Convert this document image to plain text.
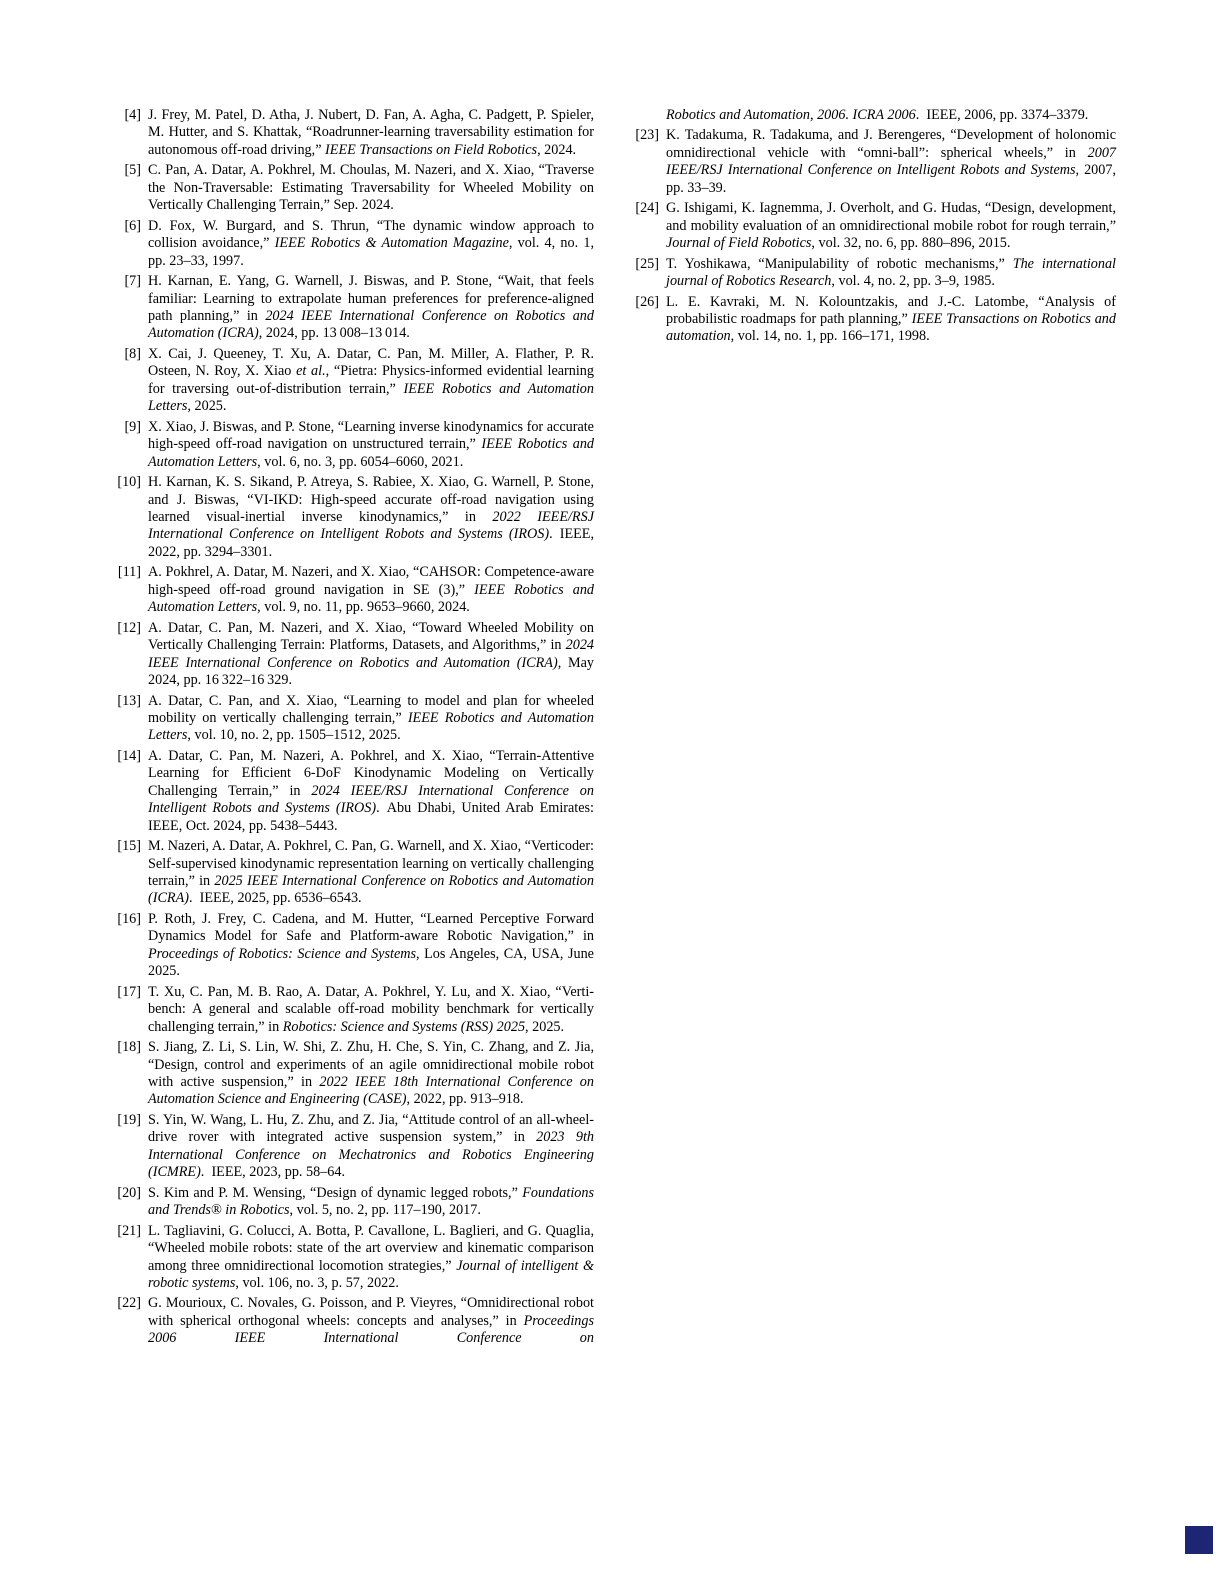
[4] J. Frey, M. Patel, D. Atha, J. Nubert, D. Fan, A. Agha, C. Padgett, P. Spieler, M. Hutter, and S. Khattak, “Roadrunner-learning traversability estimation for autonomous off-road driving,” IEEE Transactions on Field Robotics, 2024.
[5] C. Pan, A. Datar, A. Pokhrel, M. Choulas, M. Nazeri, and X. Xiao, “Traverse the Non-Traversable: Estimating Traversability for Wheeled Mobility on Vertically Challenging Terrain,” Sep. 2024.
[6] D. Fox, W. Burgard, and S. Thrun, “The dynamic window approach to collision avoidance,” IEEE Robotics & Automation Magazine, vol. 4, no. 1, pp. 23–33, 1997.
[7] H. Karnan, E. Yang, G. Warnell, J. Biswas, and P. Stone, “Wait, that feels familiar: Learning to extrapolate human preferences for preference-aligned path planning,” in 2024 IEEE International Conference on Robotics and Automation (ICRA), 2024, pp. 13 008–13 014.
[8] X. Cai, J. Queeney, T. Xu, A. Datar, C. Pan, M. Miller, A. Flather, P. R. Osteen, N. Roy, X. Xiao et al., “Pietra: Physics-informed evidential learning for traversing out-of-distribution terrain,” IEEE Robotics and Automation Letters, 2025.
[9] X. Xiao, J. Biswas, and P. Stone, “Learning inverse kinodynamics for accurate high-speed off-road navigation on unstructured terrain,” IEEE Robotics and Automation Letters, vol. 6, no. 3, pp. 6054–6060, 2021.
[10] H. Karnan, K. S. Sikand, P. Atreya, S. Rabiee, X. Xiao, G. Warnell, P. Stone, and J. Biswas, “VI-IKD: High-speed accurate off-road navigation using learned visual-inertial inverse kinodynamics,” in 2022 IEEE/RSJ International Conference on Intelligent Robots and Systems (IROS). IEEE, 2022, pp. 3294–3301.
[11] A. Pokhrel, A. Datar, M. Nazeri, and X. Xiao, “CAHSOR: Competence-aware high-speed off-road ground navigation in SE (3),” IEEE Robotics and Automation Letters, vol. 9, no. 11, pp. 9653–9660, 2024.
[12] A. Datar, C. Pan, M. Nazeri, and X. Xiao, “Toward Wheeled Mobility on Vertically Challenging Terrain: Platforms, Datasets, and Algorithms,” in 2024 IEEE International Conference on Robotics and Automation (ICRA), May 2024, pp. 16 322–16 329.
[13] A. Datar, C. Pan, and X. Xiao, “Learning to model and plan for wheeled mobility on vertically challenging terrain,” IEEE Robotics and Automation Letters, vol. 10, no. 2, pp. 1505–1512, 2025.
[14] A. Datar, C. Pan, M. Nazeri, A. Pokhrel, and X. Xiao, “Terrain-Attentive Learning for Efficient 6-DoF Kinodynamic Modeling on Vertically Challenging Terrain,” in 2024 IEEE/RSJ International Conference on Intelligent Robots and Systems (IROS). Abu Dhabi, United Arab Emirates: IEEE, Oct. 2024, pp. 5438–5443.
[15] M. Nazeri, A. Datar, A. Pokhrel, C. Pan, G. Warnell, and X. Xiao, “Verticoder: Self-supervised kinodynamic representation learning on vertically challenging terrain,” in 2025 IEEE International Conference on Robotics and Automation (ICRA). IEEE, 2025, pp. 6536–6543.
[16] P. Roth, J. Frey, C. Cadena, and M. Hutter, “Learned Perceptive Forward Dynamics Model for Safe and Platform-aware Robotic Navigation,” in Proceedings of Robotics: Science and Systems, Los Angeles, CA, USA, June 2025.
[17] T. Xu, C. Pan, M. B. Rao, A. Datar, A. Pokhrel, Y. Lu, and X. Xiao, “Verti-bench: A general and scalable off-road mobility benchmark for vertically challenging terrain,” in Robotics: Science and Systems (RSS) 2025, 2025.
[18] S. Jiang, Z. Li, S. Lin, W. Shi, Z. Zhu, H. Che, S. Yin, C. Zhang, and Z. Jia, “Design, control and experiments of an agile omnidirectional mobile robot with active suspension,” in 2022 IEEE 18th International Conference on Automation Science and Engineering (CASE), 2022, pp. 913–918.
[19] S. Yin, W. Wang, L. Hu, Z. Zhu, and Z. Jia, “Attitude control of an all-wheel-drive rover with integrated active suspension system,” in 2023 9th International Conference on Mechatronics and Robotics Engineering (ICMRE). IEEE, 2023, pp. 58–64.
[20] S. Kim and P. M. Wensing, “Design of dynamic legged robots,” Foundations and Trends® in Robotics, vol. 5, no. 2, pp. 117–190, 2017.
[21] L. Tagliavini, G. Colucci, A. Botta, P. Cavallone, L. Baglieri, and G. Quaglia, “Wheeled mobile robots: state of the art overview and kinematic comparison among three omnidirectional locomotion strategies,” Journal of intelligent & robotic systems, vol. 106, no. 3, p. 57, 2022.
[22] G. Mourioux, C. Novales, G. Poisson, and P. Vieyres, “Omnidirectional robot with spherical orthogonal wheels: concepts and analyses,” in Proceedings 2006 IEEE International Conference on
Robotics and Automation, 2006. ICRA 2006. IEEE, 2006, pp. 3374–3379.
[23] K. Tadakuma, R. Tadakuma, and J. Berengeres, “Development of holonomic omnidirectional vehicle with “omni-ball”: spherical wheels,” in 2007 IEEE/RSJ International Conference on Intelligent Robots and Systems, 2007, pp. 33–39.
[24] G. Ishigami, K. Iagnemma, J. Overholt, and G. Hudas, “Design, development, and mobility evaluation of an omnidirectional mobile robot for rough terrain,” Journal of Field Robotics, vol. 32, no. 6, pp. 880–896, 2015.
[25] T. Yoshikawa, “Manipulability of robotic mechanisms,” The international journal of Robotics Research, vol. 4, no. 2, pp. 3–9, 1985.
[26] L. E. Kavraki, M. N. Kolountzakis, and J.-C. Latombe, “Analysis of probabilistic roadmaps for path planning,” IEEE Transactions on Robotics and automation, vol. 14, no. 1, pp. 166–171, 1998.
